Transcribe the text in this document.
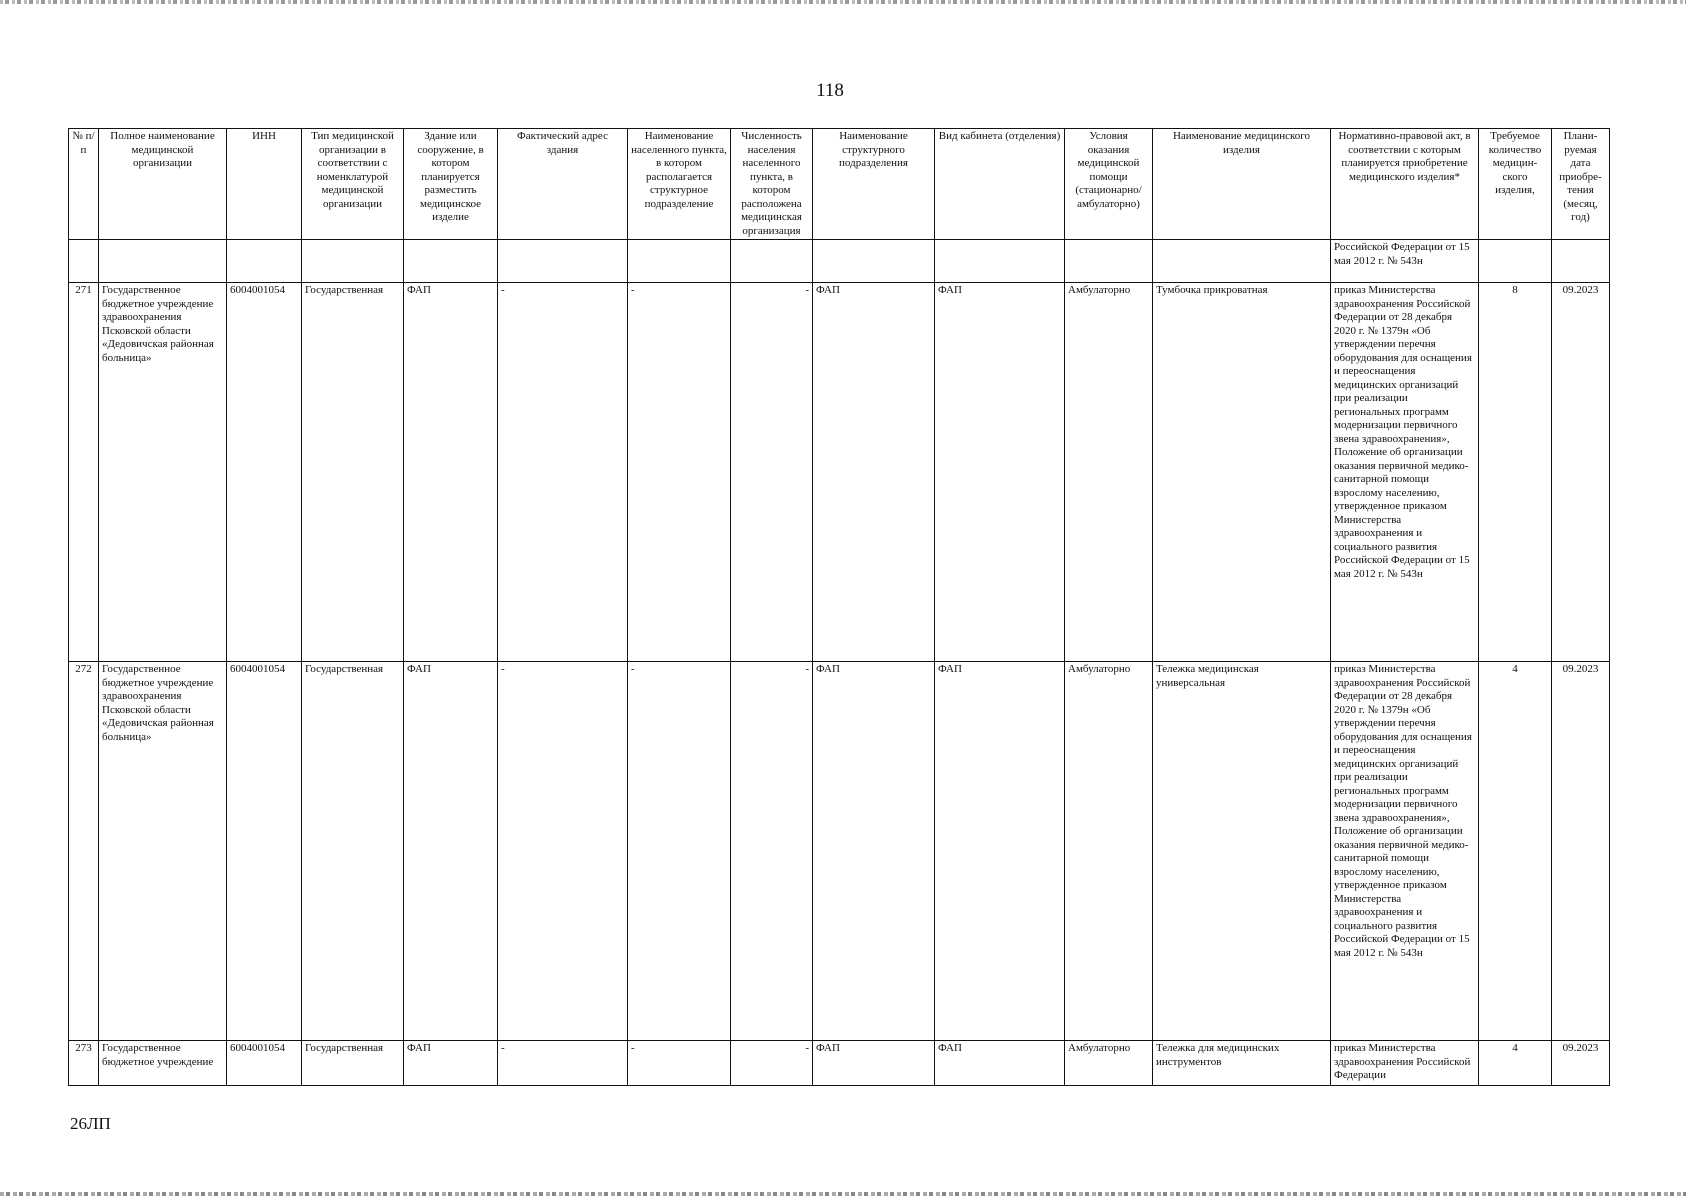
118
№ п/п	Полное наименование медицинской организации	ИНН	Тип медицинской организации в соответствии с номенклатурой медицинской организации	Здание или сооружение, в котором планируется разместить медицинское изделие	Фактический адрес здания	Наименование населенного пункта, в котором располагается структурное подразделение	Численность населения населенного пункта, в котором расположена медицинская организация	Наименование структурного подразделения	Вид кабинета (отделения)	Условия оказания медицинской помощи (стационарно/ амбулаторно)	Наименование медицинского изделия	Нормативно-правовой акт, в соответствии с которым планируется приобретение медицинского изделия*	Требуемое количество медицин-ского изделия,	Плани-руемая дата приобре-тения (месяц, год)
												Российской Федерации от 15 мая 2012 г. № 543н		
271	Государственное бюджетное учреждение здравоохранения Псковской области «Дедовичская районная больница»	6004001054	Государственная	ФАП	-	-	-	ФАП	ФАП	Амбулаторно	Тумбочка прикроватная	приказ Министерства здравоохранения Российской Федерации от 28 декабря 2020 г. № 1379н «Об утверждении перечня оборудования для оснащения и переоснащения медицинских организаций при реализации региональных программ модернизации первичного звена здравоохранения», Положение об организации оказания первичной медико-санитарной помощи взрослому населению, утвержденное приказом Министерства здравоохранения и социального развития Российской Федерации от 15 мая 2012 г. № 543н	8	09.2023
272	Государственное бюджетное учреждение здравоохранения Псковской области «Дедовичская районная больница»	6004001054	Государственная	ФАП	-	-	-	ФАП	ФАП	Амбулаторно	Тележка медицинская универсальная	приказ Министерства здравоохранения Российской Федерации от 28 декабря 2020 г. № 1379н «Об утверждении перечня оборудования для оснащения и переоснащения медицинских организаций при реализации региональных программ модернизации первичного звена здравоохранения», Положение об организации оказания первичной медико-санитарной помощи взрослому населению, утвержденное приказом Министерства здравоохранения и социального развития Российской Федерации от 15 мая 2012 г. № 543н	4	09.2023
273	Государственное бюджетное учреждение	6004001054	Государственная	ФАП	-	-	-	ФАП	ФАП	Амбулаторно	Тележка для медицинских инструментов	приказ Министерства здравоохранения Российской Федерации	4	09.2023
26ЛП
